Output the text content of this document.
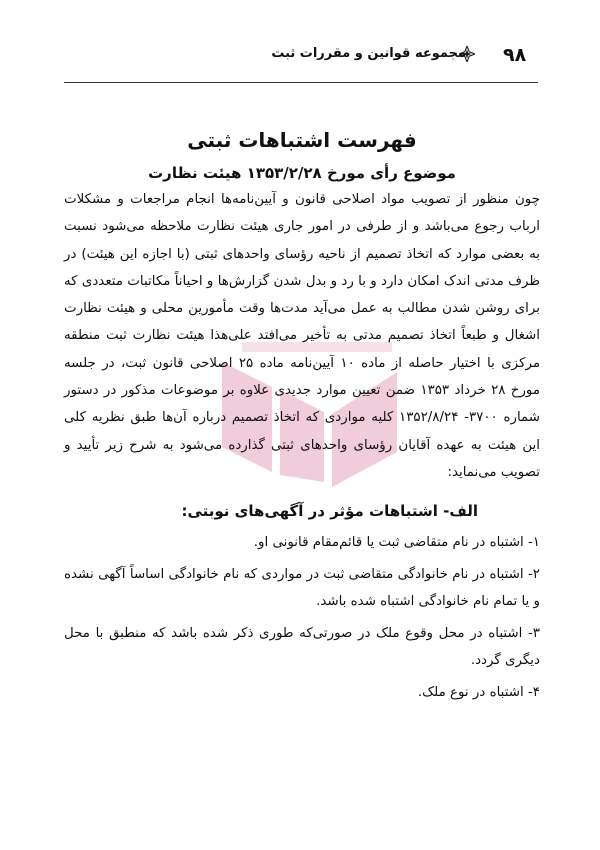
۹۸
مجموعه قوانین و مقررات ثبت
فهرست اشتباهات ثبتی
موضوع رأی مورخ ۱۳۵۳/۲/۲۸ هیئت نظارت

چون منظور از تصویب مواد اصلاحی قانون و آیین‌نامه‌ها انجام مراجعات و مشکلات ارباب رجوع می‌باشد و از طرفی در امور جاری هیئت نظارت ملاحظه می‌شود نسبت به بعضی موارد که اتخاذ تصمیم از ناحیه رؤسای واحدهای ثبتی (با اجازه این هیئت) در ظرف مدتی اندک امکان دارد و با رد و بدل شدن گزارش‌ها و احیاناً مکاتبات متعددی که برای روشن شدن مطالب به عمل می‌آید مدت‌ها وقت مأمورین محلی و هیئت نظارت اشغال و طبعاً اتخاذ تصمیم مدتی به تأخیر می‌افتد علی‌هذا هیئت نظارت ثبت منطقه مرکزی با اختیار حاصله از ماده ۱۰ آیین‌نامه ماده ۲۵ اصلاحی قانون ثبت، در جلسه مورخ ۲۸ خرداد ۱۳۵۳ ضمن تعیین موارد جدیدی علاوه بر موضوعات مذکور در دستور شماره ۳۷۰۰- ۱۳۵۲/۸/۲۴ کلیه مواردی که اتخاذ تصمیم درباره آن‌ها طبق نظریه کلی این هیئت به عهده آقایان رؤسای واحدهای ثبتی گذارده می‌شود به شرح زیر تأیید و تصویب می‌نماید:

الف- اشتباهات مؤثر در آگهی‌های نوبتی:

۱- اشتباه در نام متقاضی ثبت یا قائم‌مقام قانونی او.

۲- اشتباه در نام خانوادگی متقاضی ثبت در مواردی که نام خانوادگی اساساً آگهی نشده و یا تمام نام خانوادگی اشتباه شده باشد.

۳- اشتباه در محل وقوع ملک در صورتی‌که طوری ذکر شده باشد که منطبق با محل دیگری گردد.

۴- اشتباه در نوع ملک.
